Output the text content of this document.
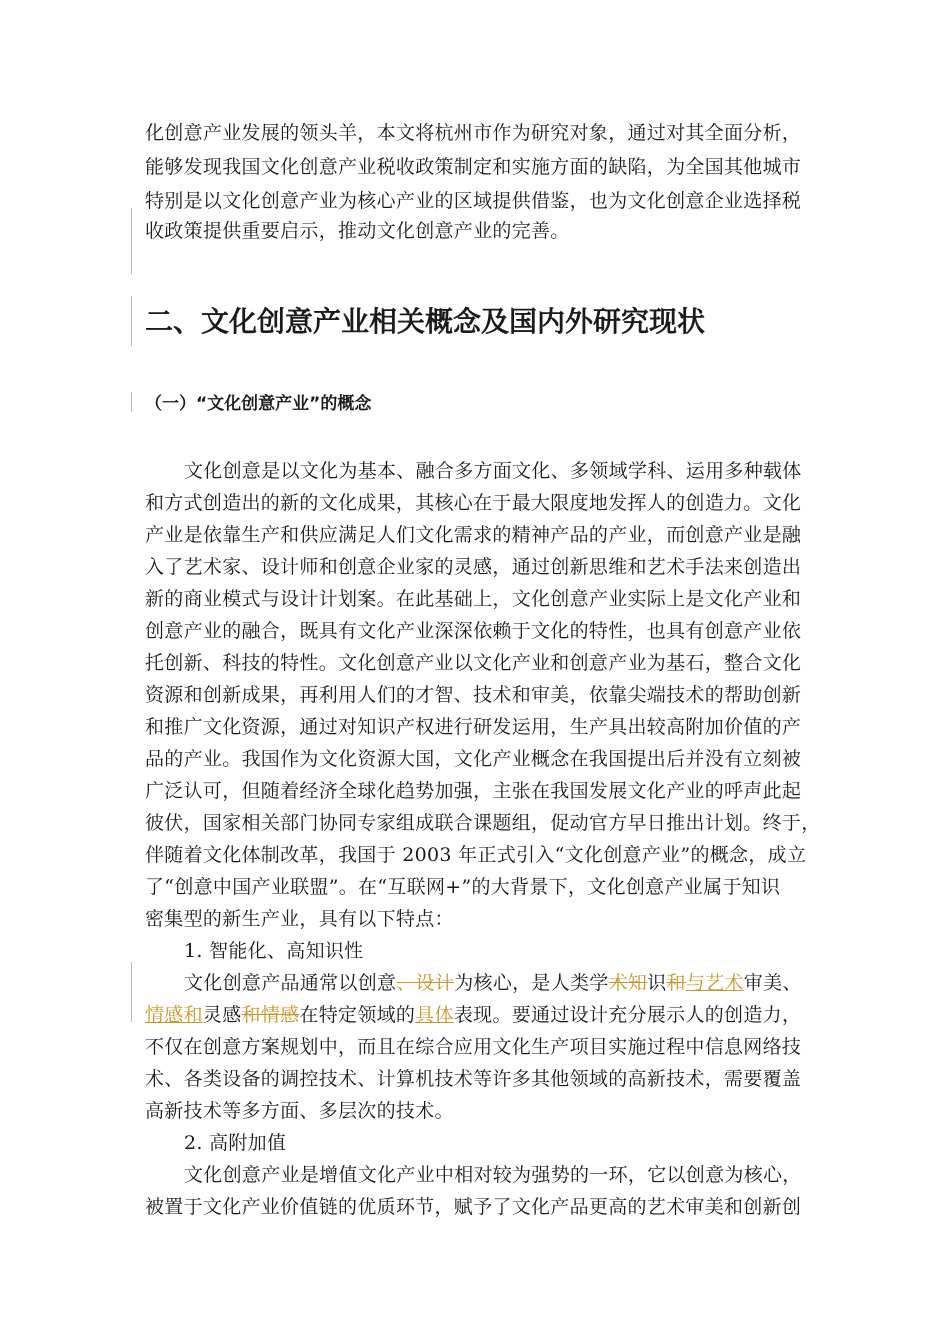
化创意产业发展的领头羊，本文将杭州市作为研究对象，通过对其全面分析，
能够发现我国文化创意产业税收政策制定和实施方面的缺陷，为全国其他城市
特别是以文化创意产业为核心产业的区域提供借鉴，也为文化创意企业选择税
收政策提供重要启示，推动文化创意产业的完善。
二、文化创意产业相关概念及国内外研究现状
（一）“文化创意产业”的概念
文化创意是以文化为基本、融合多方面文化、多领域学科、运用多种载体
和方式创造出的新的文化成果，其核心在于最大限度地发挥人的创造力。文化
产业是依靠生产和供应满足人们文化需求的精神产品的产业，而创意产业是融
入了艺术家、设计师和创意企业家的灵感，通过创新思维和艺术手法来创造出
新的商业模式与设计计划案。在此基础上，文化创意产业实际上是文化产业和
创意产业的融合，既具有文化产业深深依赖于文化的特性，也具有创意产业依
托创新、科技的特性。文化创意产业以文化产业和创意产业为基石，整合文化
资源和创新成果，再利用人们的才智、技术和审美，依靠尖端技术的帮助创新
和推广文化资源，通过对知识产权进行研发运用，生产具出较高附加价值的产
品的产业。我国作为文化资源大国，文化产业概念在我国提出后并没有立刻被
广泛认可，但随着经济全球化趋势加强，主张在我国发展文化产业的呼声此起
彼伏，国家相关部门协同专家组成联合课题组，促动官方早日推出计划。终于，
伴随着文化体制改革，我国于 2003 年正式引入“文化创意产业”的概念，成立
了“创意中国产业联盟”。在“互联网+”的大背景下，文化创意产业属于知识
密集型的新生产业，具有以下特点：
1. 智能化、高知识性
文化创意产品通常以创意、设计为核心，是人类学术知识和与艺术审美、
情感和灵感和情感在特定领域的具体表现。要通过设计充分展示人的创造力，
不仅在创意方案规划中，而且在综合应用文化生产项目实施过程中信息网络技
术、各类设备的调控技术、计算机技术等许多其他领域的高新技术，需要覆盖
高新技术等多方面、多层次的技术。
2. 高附加值
文化创意产业是增值文化产业中相对较为强势的一环，它以创意为核心，
被置于文化产业价值链的优质环节，赋予了文化产品更高的艺术审美和创新创
